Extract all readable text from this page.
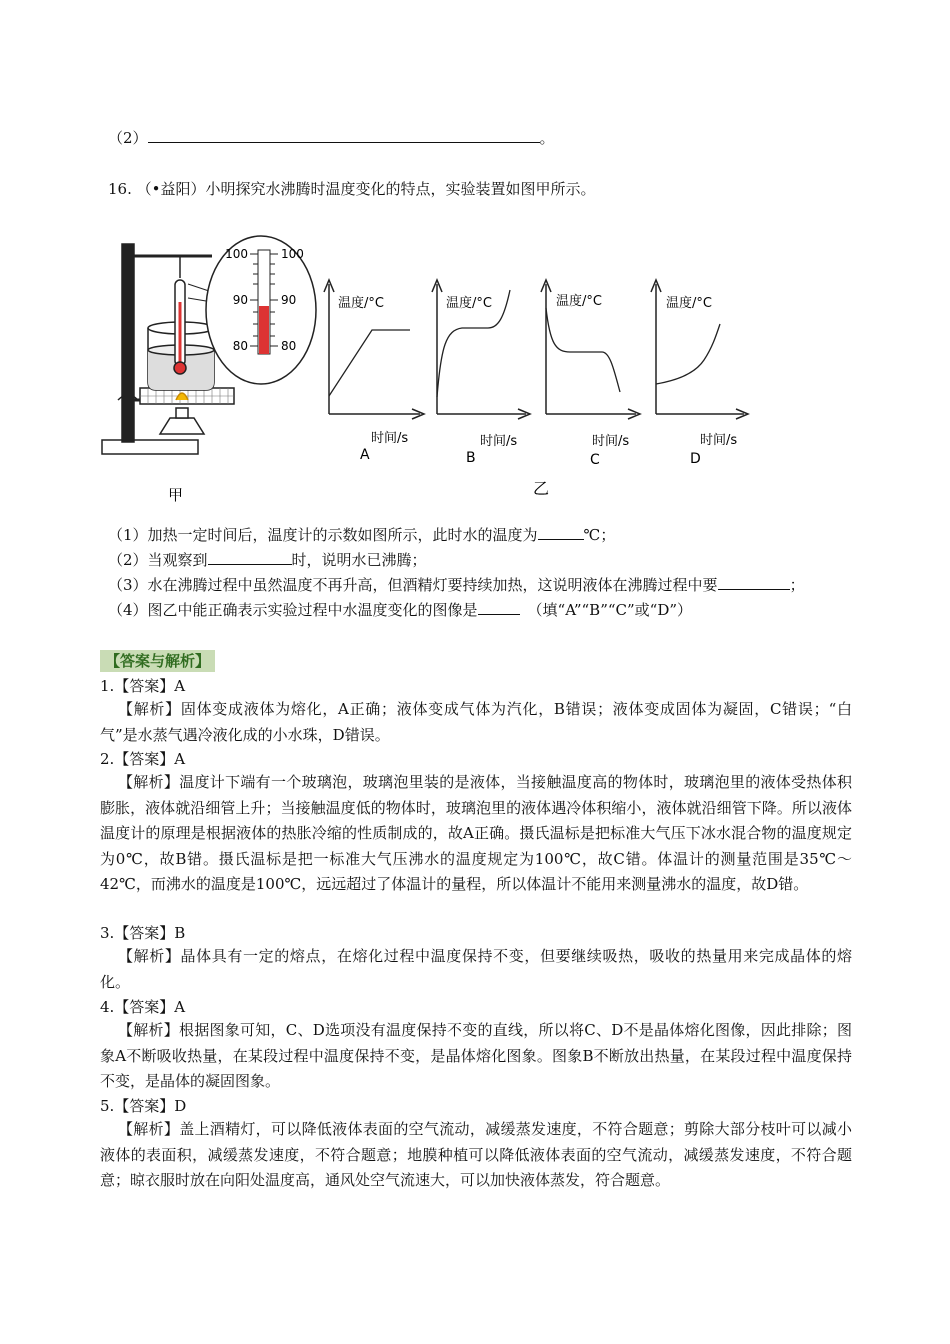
（2）	。
16. （•益阳）小明探究水沸腾时温度变化的特点，实验装置如图甲所示。
100	100
90	90
80	80
甲	乙
温度/°C
时间/s
A
温度/°C
时间/s
B
温度/°C
时间/s
C
温度/°C
时间/s
D
（1）加热一定时间后，温度计的示数如图所示，此时水的温度为	℃；
（2）当观察到	时，说明水已沸腾；
（3）水在沸腾过程中虽然温度不再升高，但酒精灯要持续加热，这说明液体在沸腾过程中要	；
（4）图乙中能正确表示实验过程中水温度变化的图像是	（填“A”“B”“C”或“D”）
【答案与解析】
1.【答案】A
【解析】固体变成液体为熔化，A正确；液体变成气体为汽化，B错误；液体变成固体为凝固，C错误；“白气”是水蒸气遇冷液化成的小水珠，D错误。
2.【答案】A
【解析】温度计下端有一个玻璃泡，玻璃泡里装的是液体，当接触温度高的物体时，玻璃泡里的液体受热体积膨胀，液体就沿细管上升；当接触温度低的物体时，玻璃泡里的液体遇冷体积缩小，液体就沿细管下降。所以液体温度计的原理是根据液体的热胀冷缩的性质制成的，故A正确。摄氏温标是把标准大气压下冰水混合物的温度规定为0℃，故B错。摄氏温标是把一标准大气压沸水的温度规定为100℃，故C错。体温计的测量范围是35℃～42℃，而沸水的温度是100℃，远远超过了体温计的量程，所以体温计不能用来测量沸水的温度，故D错。
3.【答案】B
【解析】晶体具有一定的熔点，在熔化过程中温度保持不变，但要继续吸热，吸收的热量用来完成晶体的熔化。
4.【答案】A
【解析】根据图象可知，C、D选项没有温度保持不变的直线，所以将C、D不是晶体熔化图像，因此排除；图象A不断吸收热量，在某段过程中温度保持不变，是晶体熔化图象。图象B不断放出热量，在某段过程中温度保持不变，是晶体的凝固图象。
5.【答案】D
【解析】盖上酒精灯，可以降低液体表面的空气流动，减缓蒸发速度，不符合题意；剪除大部分枝叶可以减小液体的表面积，减缓蒸发速度，不符合题意；地膜种植可以降低液体表面的空气流动，减缓蒸发速度，不符合题意；晾衣服时放在向阳处温度高，通风处空气流速大，可以加快液体蒸发，符合题意。
